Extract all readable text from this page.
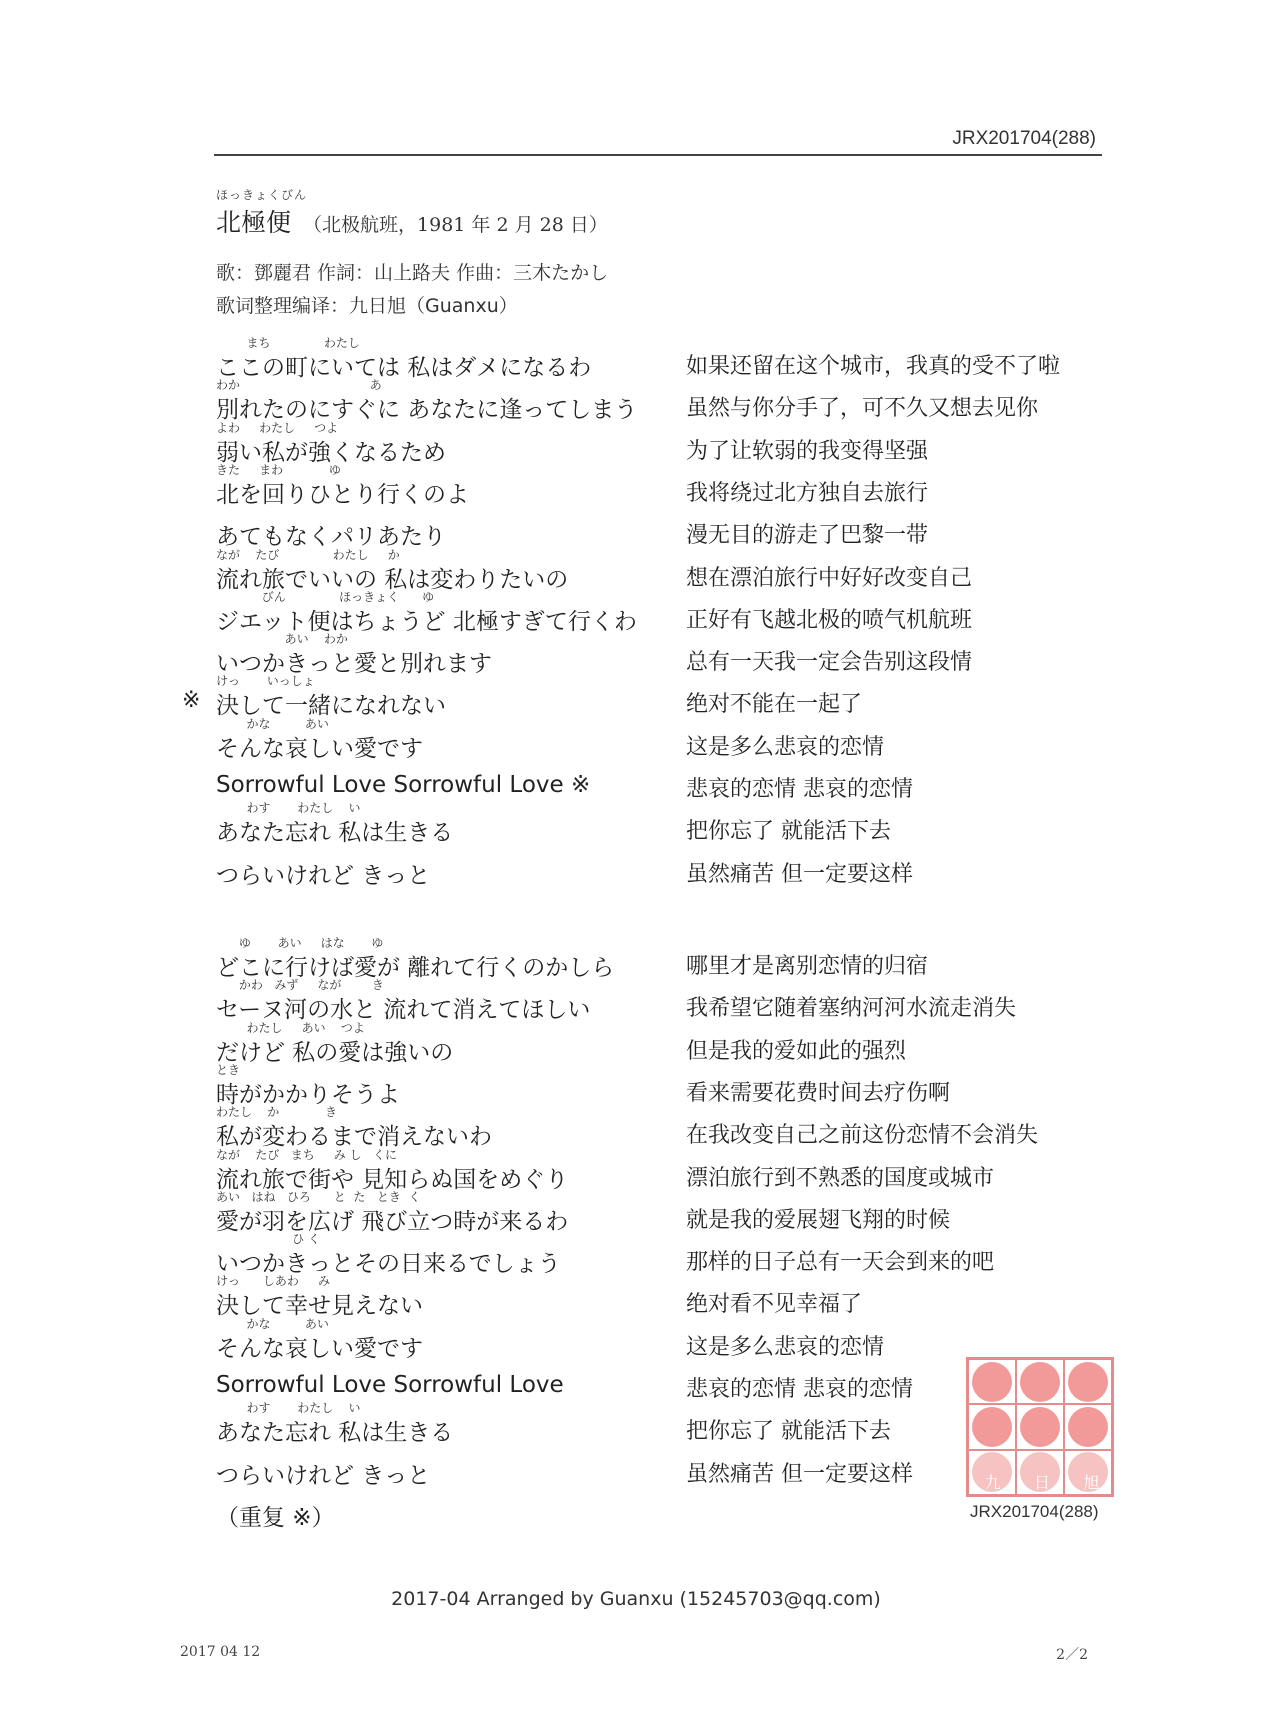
JRX201704(288)
ほっきょくびん
北極便 （北极航班，1981 年 2 月 28 日）
歌：鄧麗君 作詞：山上路夫 作曲：三木たかし
歌词整理编译：九日旭（Guanxu）
まち              わたし
ここの町にいては 私はダメになるわ	如果还留在这个城市，我真的受不了啦
わか                                  あ
別れたのにすぐに あなたに逢ってしまう 虽然与你分手了，可不久又想去见你
よわ     わたし     つよ
弱い私が強くなるため	为了让软弱的我变得坚强
きた     まわ            ゆ
北を回りひとり行くのよ	我将绕过北方独自去旅行
あてもなくパリあたり	漫无目的游走了巴黎一带
なが    たび              わたし     か
流れ旅でいいの 私は変わりたいの	想在漂泊旅行中好好改变自己
びん              ほっきょく      ゆ
ジエット便はちょうど 北極すぎて行くわ 正好有飞越北极的喷气机航班
あい    わか
いつかきっと愛と別れます	总有一天我一定会告别这段情
けっ       いっしょ
※ 決して一緒になれない	绝对不能在一起了
かな         あい
そんな哀しい愛です	这是多么悲哀的恋情
Sorrowful Love Sorrowful Love ※	悲哀的恋情 悲哀的恋情
わす       わたし    い
あなた忘れ 私は生きる	把你忘了 就能活下去
つらいけれど きっと	虽然痛苦 但一定要这样
ゆ       あい     はな       ゆ
どこに行けば愛が 離れて行くのかしら	哪里才是离别恋情的归宿
かわ   みず     なが        き
セーヌ河の水と 流れて消えてほしい	我希望它随着塞纳河河水流走消失
わたし     あい    つよ
だけど 私の愛は強いの	但是我的爱如此的强烈
とき
時がかかりそうよ	看来需要花费时间去疗伤啊
わたし    か            き
私が変わるまで消えないわ	在我改变自己之前这份恋情不会消失
なが    たび   まち     み し   くに
流れ旅で街や 見知らぬ国をめぐり	漂泊旅行到不熟悉的国度或城市
あい   はね   ひろ      と  た   とき  く
愛が羽を広げ 飛び立つ時が来るわ	就是我的爱展翅飞翔的时候
ひ く
いつかきっとその日来るでしょう	那样的日子总有一天会到来的吧
けっ      しあわ     み
決して幸せ見えない	绝对看不见幸福了
かな         あい
そんな哀しい愛です	这是多么悲哀的恋情
Sorrowful Love Sorrowful Love	悲哀的恋情 悲哀的恋情
わす       わたし    い
あなた忘れ 私は生きる	把你忘了 就能活下去
つらいけれど きっと	虽然痛苦 但一定要这样
（重复 ※）
九 日 旭
JRX201704(288)
2017-04 Arranged by Guanxu (15245703@qq.com)
2017 04 12	2／2
